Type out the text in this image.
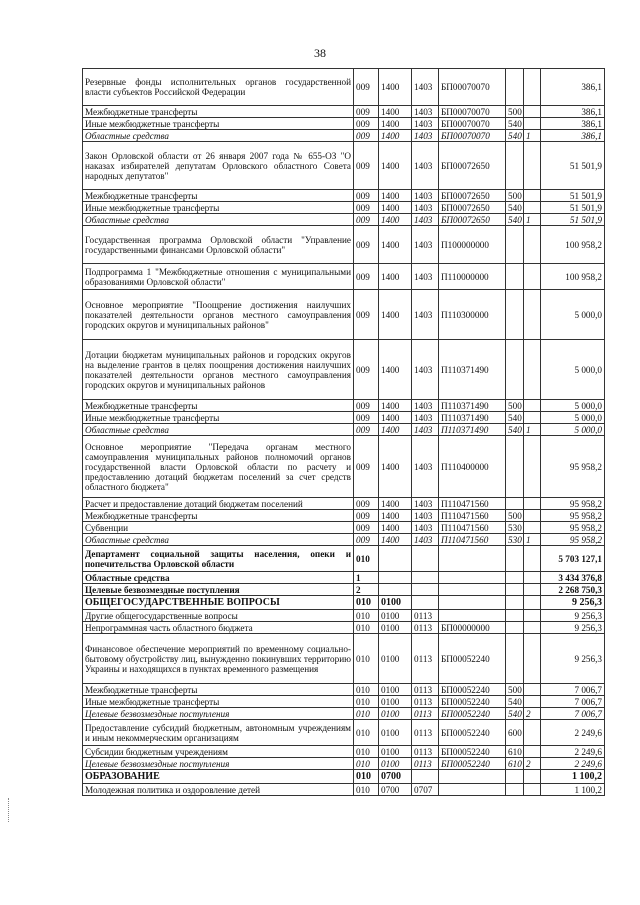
38
Резервные фонды исполнительных органов государственной власти субъектов Российской Федерации	009	1400	1403	БП00070070			386,1
Межбюджетные трансферты	009	1400	1403	БП00070070	500		386,1
Иные межбюджетные трансферты	009	1400	1403	БП00070070	540		386,1
Областные средства	009	1400	1403	БП00070070	540	1	386,1
Закон Орловской области от 26 января 2007 года № 655-ОЗ "О наказах избирателей депутатам Орловского областного Совета народных депутатов"	009	1400	1403	БП00072650			51 501,9
Межбюджетные трансферты	009	1400	1403	БП00072650	500		51 501,9
Иные межбюджетные трансферты	009	1400	1403	БП00072650	540		51 501,9
Областные средства	009	1400	1403	БП00072650	540	1	51 501,9
Государственная программа Орловской области "Управление государственными финансами Орловской области"	009	1400	1403	П100000000			100 958,2
Подпрограмма 1 "Межбюджетные отношения с муниципальными образованиями Орловской области"	009	1400	1403	П110000000			100 958,2
Основное мероприятие "Поощрение достижения наилучших показателей деятельности органов местного самоуправления городских округов и муниципальных районов"	009	1400	1403	П110300000			5 000,0
Дотации бюджетам муниципальных районов и городских округов на выделение грантов в целях поощрения достижения наилучших показателей деятельности органов местного самоуправления городских округов и муниципальных районов	009	1400	1403	П110371490			5 000,0
Межбюджетные трансферты	009	1400	1403	П110371490	500		5 000,0
Иные межбюджетные трансферты	009	1400	1403	П110371490	540		5 000,0
Областные средства	009	1400	1403	П110371490	540	1	5 000,0
Основное мероприятие "Передача органам местного самоуправления муниципальных районов полномочий органов государственной власти Орловской области по расчету и предоставлению дотаций бюджетам поселений за счет средств областного бюджета"	009	1400	1403	П110400000			95 958,2
Расчет и предоставление дотаций бюджетам поселений	009	1400	1403	П110471560			95 958,2
Межбюджетные трансферты	009	1400	1403	П110471560	500		95 958,2
Субвенции	009	1400	1403	П110471560	530		95 958,2
Областные средства	009	1400	1403	П110471560	530	1	95 958,2
Департамент социальной защиты населения, опеки и попечительства Орловской области	010						5 703 127,1
Областные средства	1						3 434 376,8
Целевые безвозмездные поступления	2						2 268 750,3
ОБЩЕГОСУДАРСТВЕННЫЕ ВОПРОСЫ	010	0100					9 256,3
Другие общегосударственные вопросы	010	0100	0113				9 256,3
Непрограммная часть областного бюджета	010	0100	0113	БП00000000			9 256,3
Финансовое обеспечение мероприятий по временному социально-бытовому обустройству лиц, вынужденно покинувших территорию Украины и находящихся в пунктах временного размещения	010	0100	0113	БП00052240			9 256,3
Межбюджетные трансферты	010	0100	0113	БП00052240	500		7 006,7
Иные межбюджетные трансферты	010	0100	0113	БП00052240	540		7 006,7
Целевые безвозмездные поступления	010	0100	0113	БП00052240	540	2	7 006,7
Предоставление субсидий бюджетным, автономным учреждениям и иным некоммерческим организациям	010	0100	0113	БП00052240	600		2 249,6
Субсидии бюджетным учреждениям	010	0100	0113	БП00052240	610		2 249,6
Целевые безвозмездные поступления	010	0100	0113	БП00052240	610	2	2 249,6
ОБРАЗОВАНИЕ	010	0700					1 100,2
Молодежная политика и оздоровление детей	010	0700	0707				1 100,2
